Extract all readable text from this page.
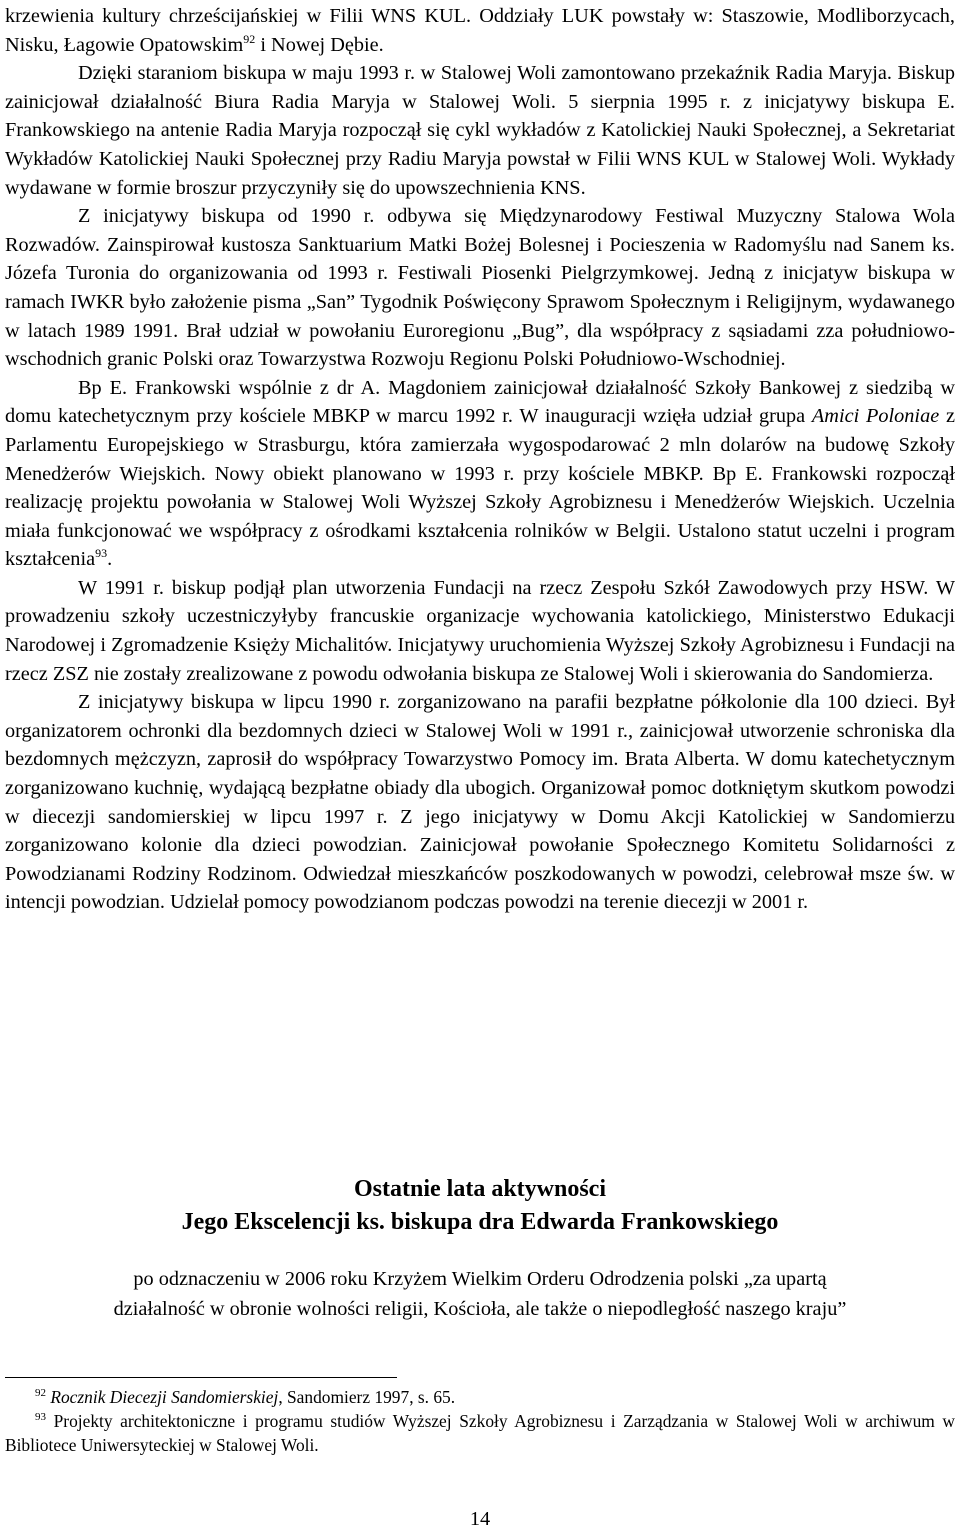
krzewienia kultury chrześcijańskiej w Filii WNS KUL. Oddziały LUK powstały w: Staszowie, Modliborzycach, Nisku, Łagowie Opatowskim$^{92}$ i Nowej Dębie.

Dzięki staraniom biskupa w maju 1993 r. w Stalowej Woli zamontowano przekaźnik Radia Maryja. Biskup zainicjował działalność Biura Radia Maryja w Stalowej Woli. 5 sierpnia 1995 r. z inicjatywy biskupa E. Frankowskiego na antenie Radia Maryja rozpoczął się cykl wykładów z Katolickiej Nauki Społecznej, a Sekretariat Wykładów Katolickiej Nauki Społecznej przy Radiu Maryja powstał w Filii WNS KUL w Stalowej Woli. Wykłady wydawane w formie broszur przyczyniły się do upowszechnienia KNS.

Z inicjatywy biskupa od 1990 r. odbywa się Międzynarodowy Festiwal Muzyczny Stalowa Wola Rozwadów. Zainspirował kustosza Sanktuarium Matki Bożej Bolesnej i Pocieszenia w Radomyślu nad Sanem ks. Józefa Turonia do organizowania od 1993 r. Festiwali Piosenki Pielgrzymkowej. Jedną z inicjatyw biskupa w ramach IWKR było założenie pisma „San” Tygodnik Poświęcony Sprawom Społecznym i Religijnym, wydawanego w latach 1989 1991. Brał udział w powołaniu Euroregionu „Bug”, dla współpracy z sąsiadami zza południowo-wschodnich granic Polski oraz Towarzystwa Rozwoju Regionu Polski Południowo-Wschodniej.

Bp E. Frankowski wspólnie z dr A. Magdoniem zainicjował działalność Szkoły Bankowej z siedzibą w domu katechetycznym przy kościele MBKP w marcu 1992 r. W inauguracji wzięła udział grupa Amici Poloniae z Parlamentu Europejskiego w Strasburgu, która zamierzała wygospodarować 2 mln dolarów na budowę Szkoły Menedżerów Wiejskich. Nowy obiekt planowano w 1993 r. przy kościele MBKP. Bp E. Frankowski rozpoczął realizację projektu powołania w Stalowej Woli Wyższej Szkoły Agrobiznesu i Menedżerów Wiejskich. Uczelnia miała funkcjonować we współpracy z ośrodkami kształcenia rolników w Belgii. Ustalono statut uczelni i program kształcenia$^{93}$.

W 1991 r. biskup podjął plan utworzenia Fundacji na rzecz Zespołu Szkół Zawodowych przy HSW. W prowadzeniu szkoły uczestniczyłyby francuskie organizacje wychowania katolickiego, Ministerstwo Edukacji Narodowej i Zgromadzenie Księży Michalitów. Inicjatywy uruchomienia Wyższej Szkoły Agrobiznesu i Fundacji na rzecz ZSZ nie zostały zrealizowane z powodu odwołania biskupa ze Stalowej Woli i skierowania do Sandomierza.

Z inicjatywy biskupa w lipcu 1990 r. zorganizowano na parafii bezpłatne półkolonie dla 100 dzieci. Był organizatorem ochronki dla bezdomnych dzieci w Stalowej Woli w 1991 r., zainicjował utworzenie schroniska dla bezdomnych mężczyzn, zaprosił do współpracy Towarzystwo Pomocy im. Brata Alberta. W domu katechetycznym zorganizowano kuchnię, wydającą bezpłatne obiady dla ubogich. Organizował pomoc dotkniętym skutkom powodzi w diecezji sandomierskiej w lipcu 1997 r. Z jego inicjatywy w Domu Akcji Katolickiej w Sandomierzu zorganizowano kolonie dla dzieci powodzian. Zainicjował powołanie Społecznego Komitetu Solidarności z Powodzianami Rodziny Rodzinom. Odwiedzał mieszkańców poszkodowanych w powodzi, celebrował msze św. w intencji powodzian. Udzielał pomocy powodzianom podczas powodzi na terenie diecezji w 2001 r.

Ostatnie lata aktywności

Jego Ekscelencji ks. biskupa dra Edwarda Frankowskiego

po odznaczeniu w 2006 roku Krzyżem Wielkim Orderu Odrodzenia polski „za upartą
działalność w obronie wolności religii, Kościoła, ale także o niepodległość naszego kraju”

$^{92}$ Rocznik Diecezji Sandomierskiej, Sandomierz 1997, s. 65.

$^{93}$ Projekty architektoniczne i programu studiów Wyższej Szkoły Agrobiznesu i Zarządzania w Stalowej Woli w archiwum w Bibliotece Uniwersyteckiej w Stalowej Woli.

14
